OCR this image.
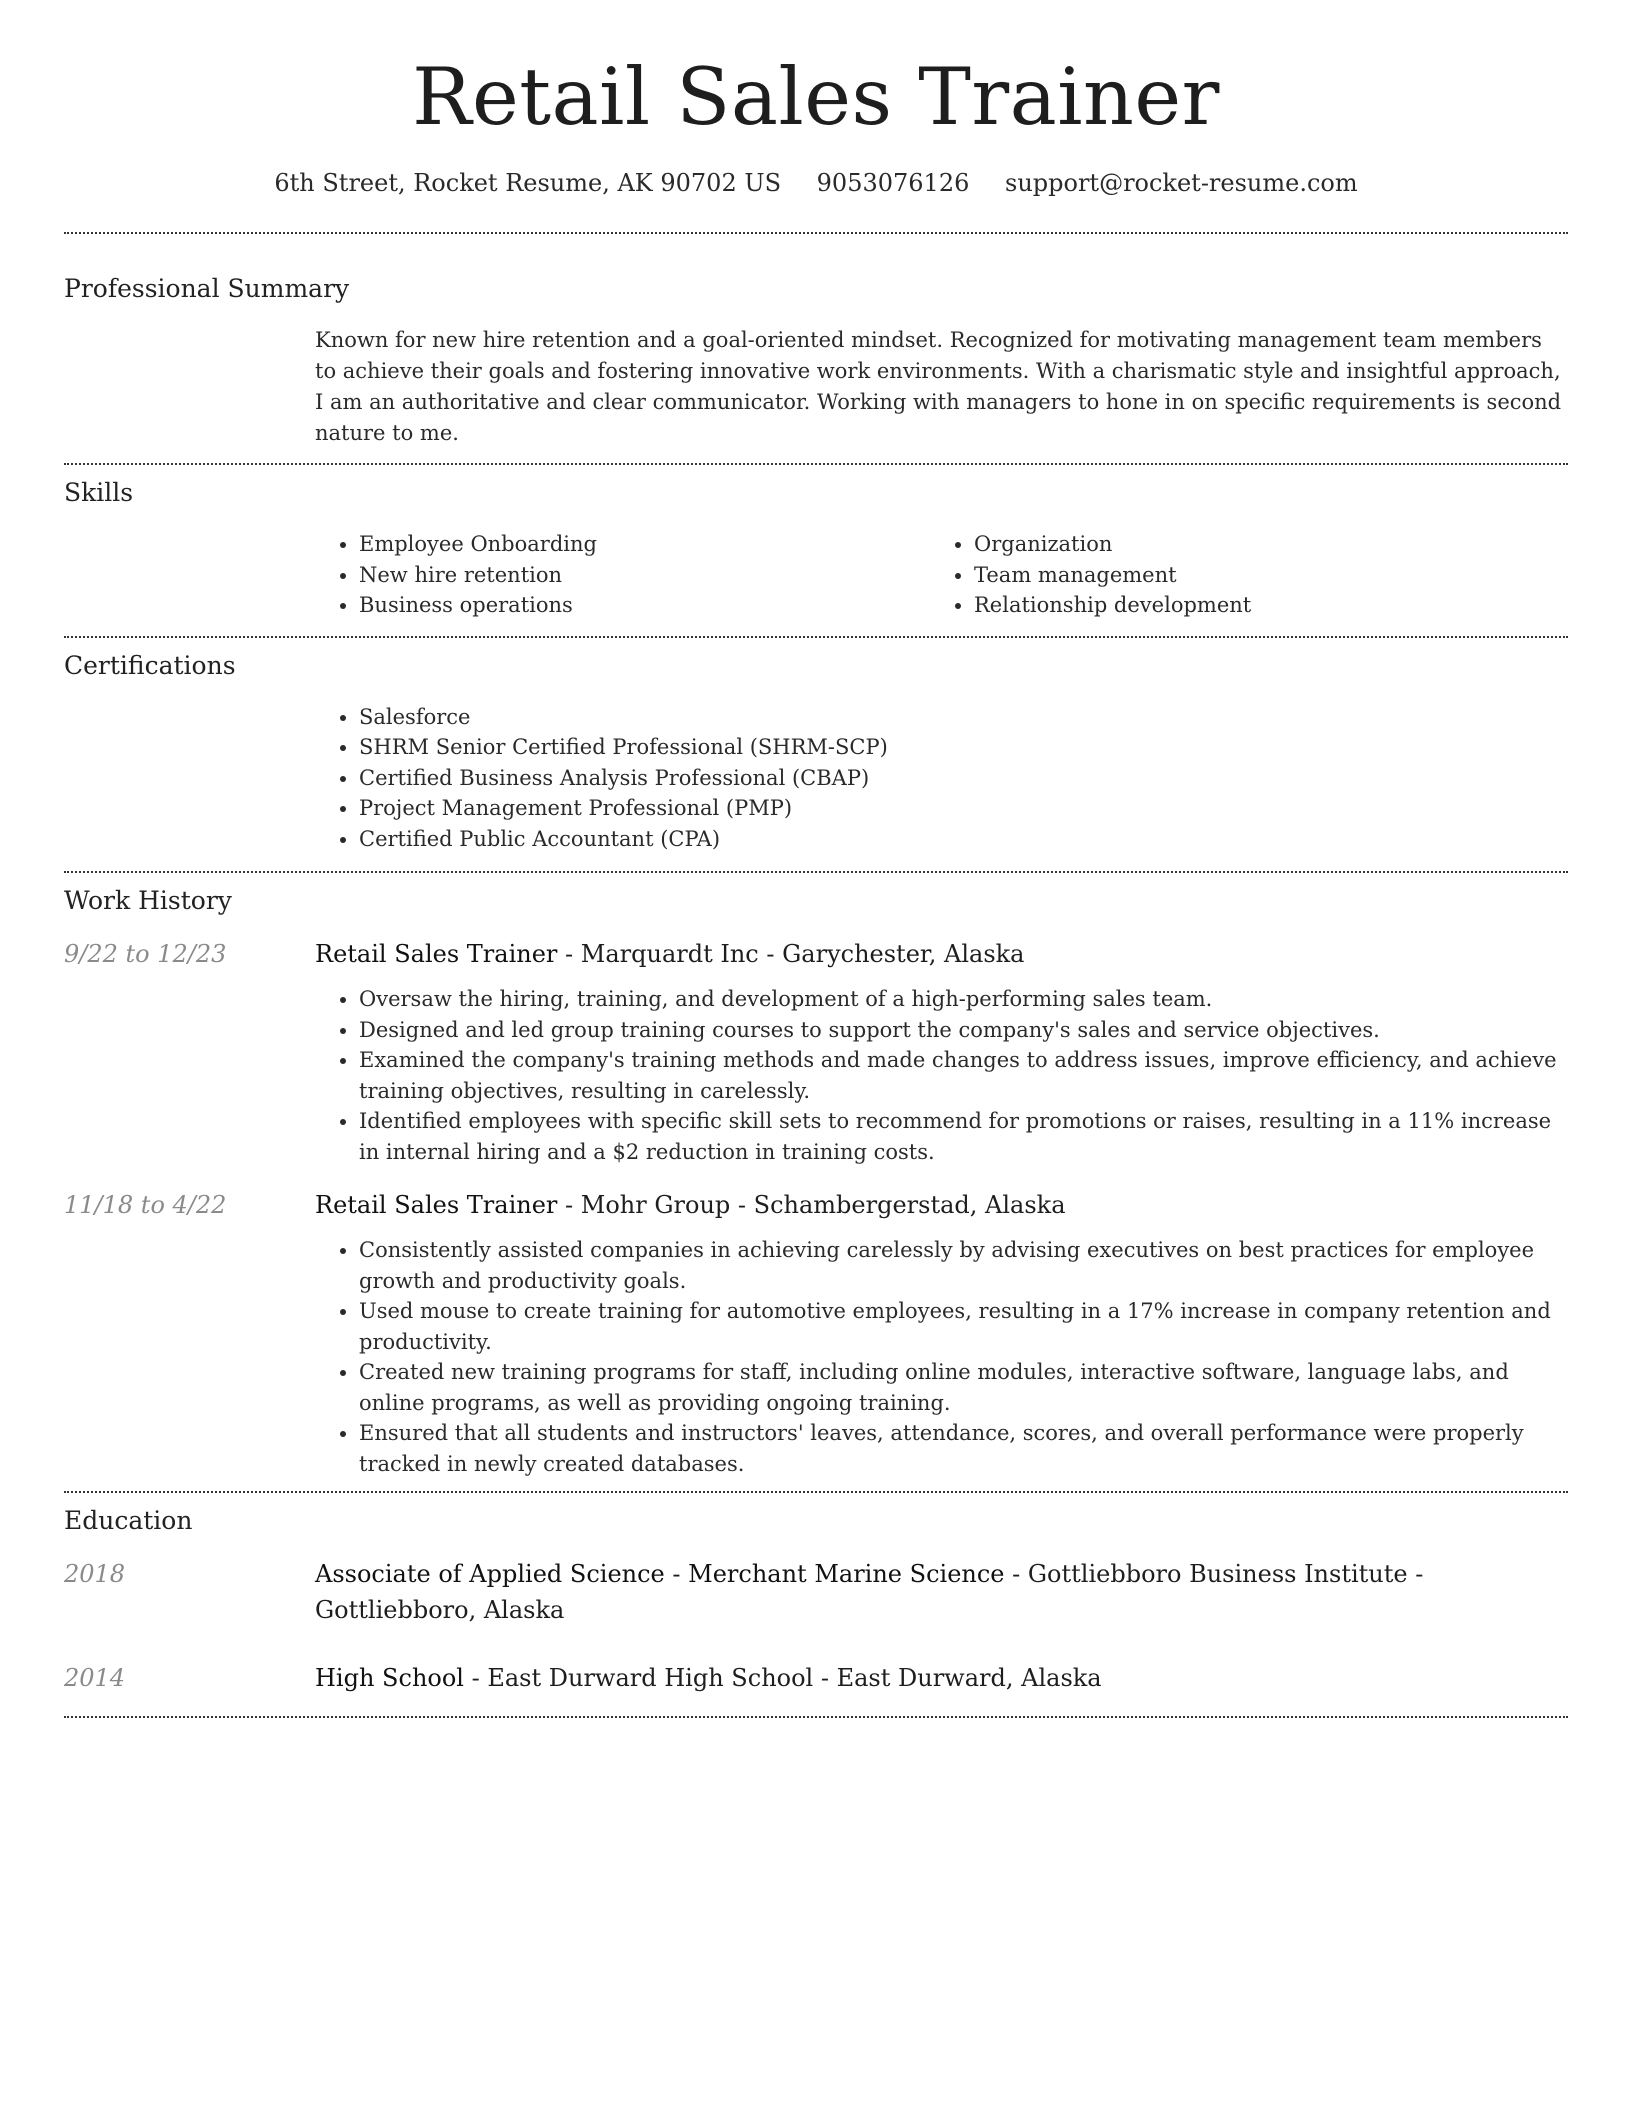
Retail Sales Trainer
6th Street, Rocket Resume, AK 90702 US 9053076126 support@rocket-resume.com
Professional Summary

Known for new hire retention and a goal-oriented mindset. Recognized for motivating management team members to achieve their goals and fostering innovative work environments. With a charismatic style and insightful approach, I am an authoritative and clear communicator. Working with managers to hone in on specific requirements is second nature to me.

Skills
• Employee Onboarding
• New hire retention
• Business operations
• Organization
• Team management
• Relationship development
Certifications
• Salesforce
• SHRM Senior Certified Professional (SHRM-SCP)
• Certified Business Analysis Professional (CBAP)
• Project Management Professional (PMP)
• Certified Public Accountant (CPA)
Work History
9/22 to 12/23	Retail Sales Trainer - Marquardt Inc - Garychester, Alaska
• Oversaw the hiring, training, and development of a high-performing sales team.
• Designed and led group training courses to support the company's sales and service objectives.
• Examined the company's training methods and made changes to address issues, improve efficiency, and achieve training objectives, resulting in carelessly.
• Identified employees with specific skill sets to recommend for promotions or raises, resulting in a 11% increase in internal hiring and a $2 reduction in training costs.
11/18 to 4/22	Retail Sales Trainer - Mohr Group - Schambergerstad, Alaska
• Consistently assisted companies in achieving carelessly by advising executives on best practices for employee growth and productivity goals.
• Used mouse to create training for automotive employees, resulting in a 17% increase in company retention and productivity.
• Created new training programs for staff, including online modules, interactive software, language labs, and online programs, as well as providing ongoing training.
• Ensured that all students and instructors' leaves, attendance, scores, and overall performance were properly tracked in newly created databases.
Education
2018	Associate of Applied Science - Merchant Marine Science - Gottliebboro Business Institute - Gottliebboro, Alaska
2014	High School - East Durward High School - East Durward, Alaska
